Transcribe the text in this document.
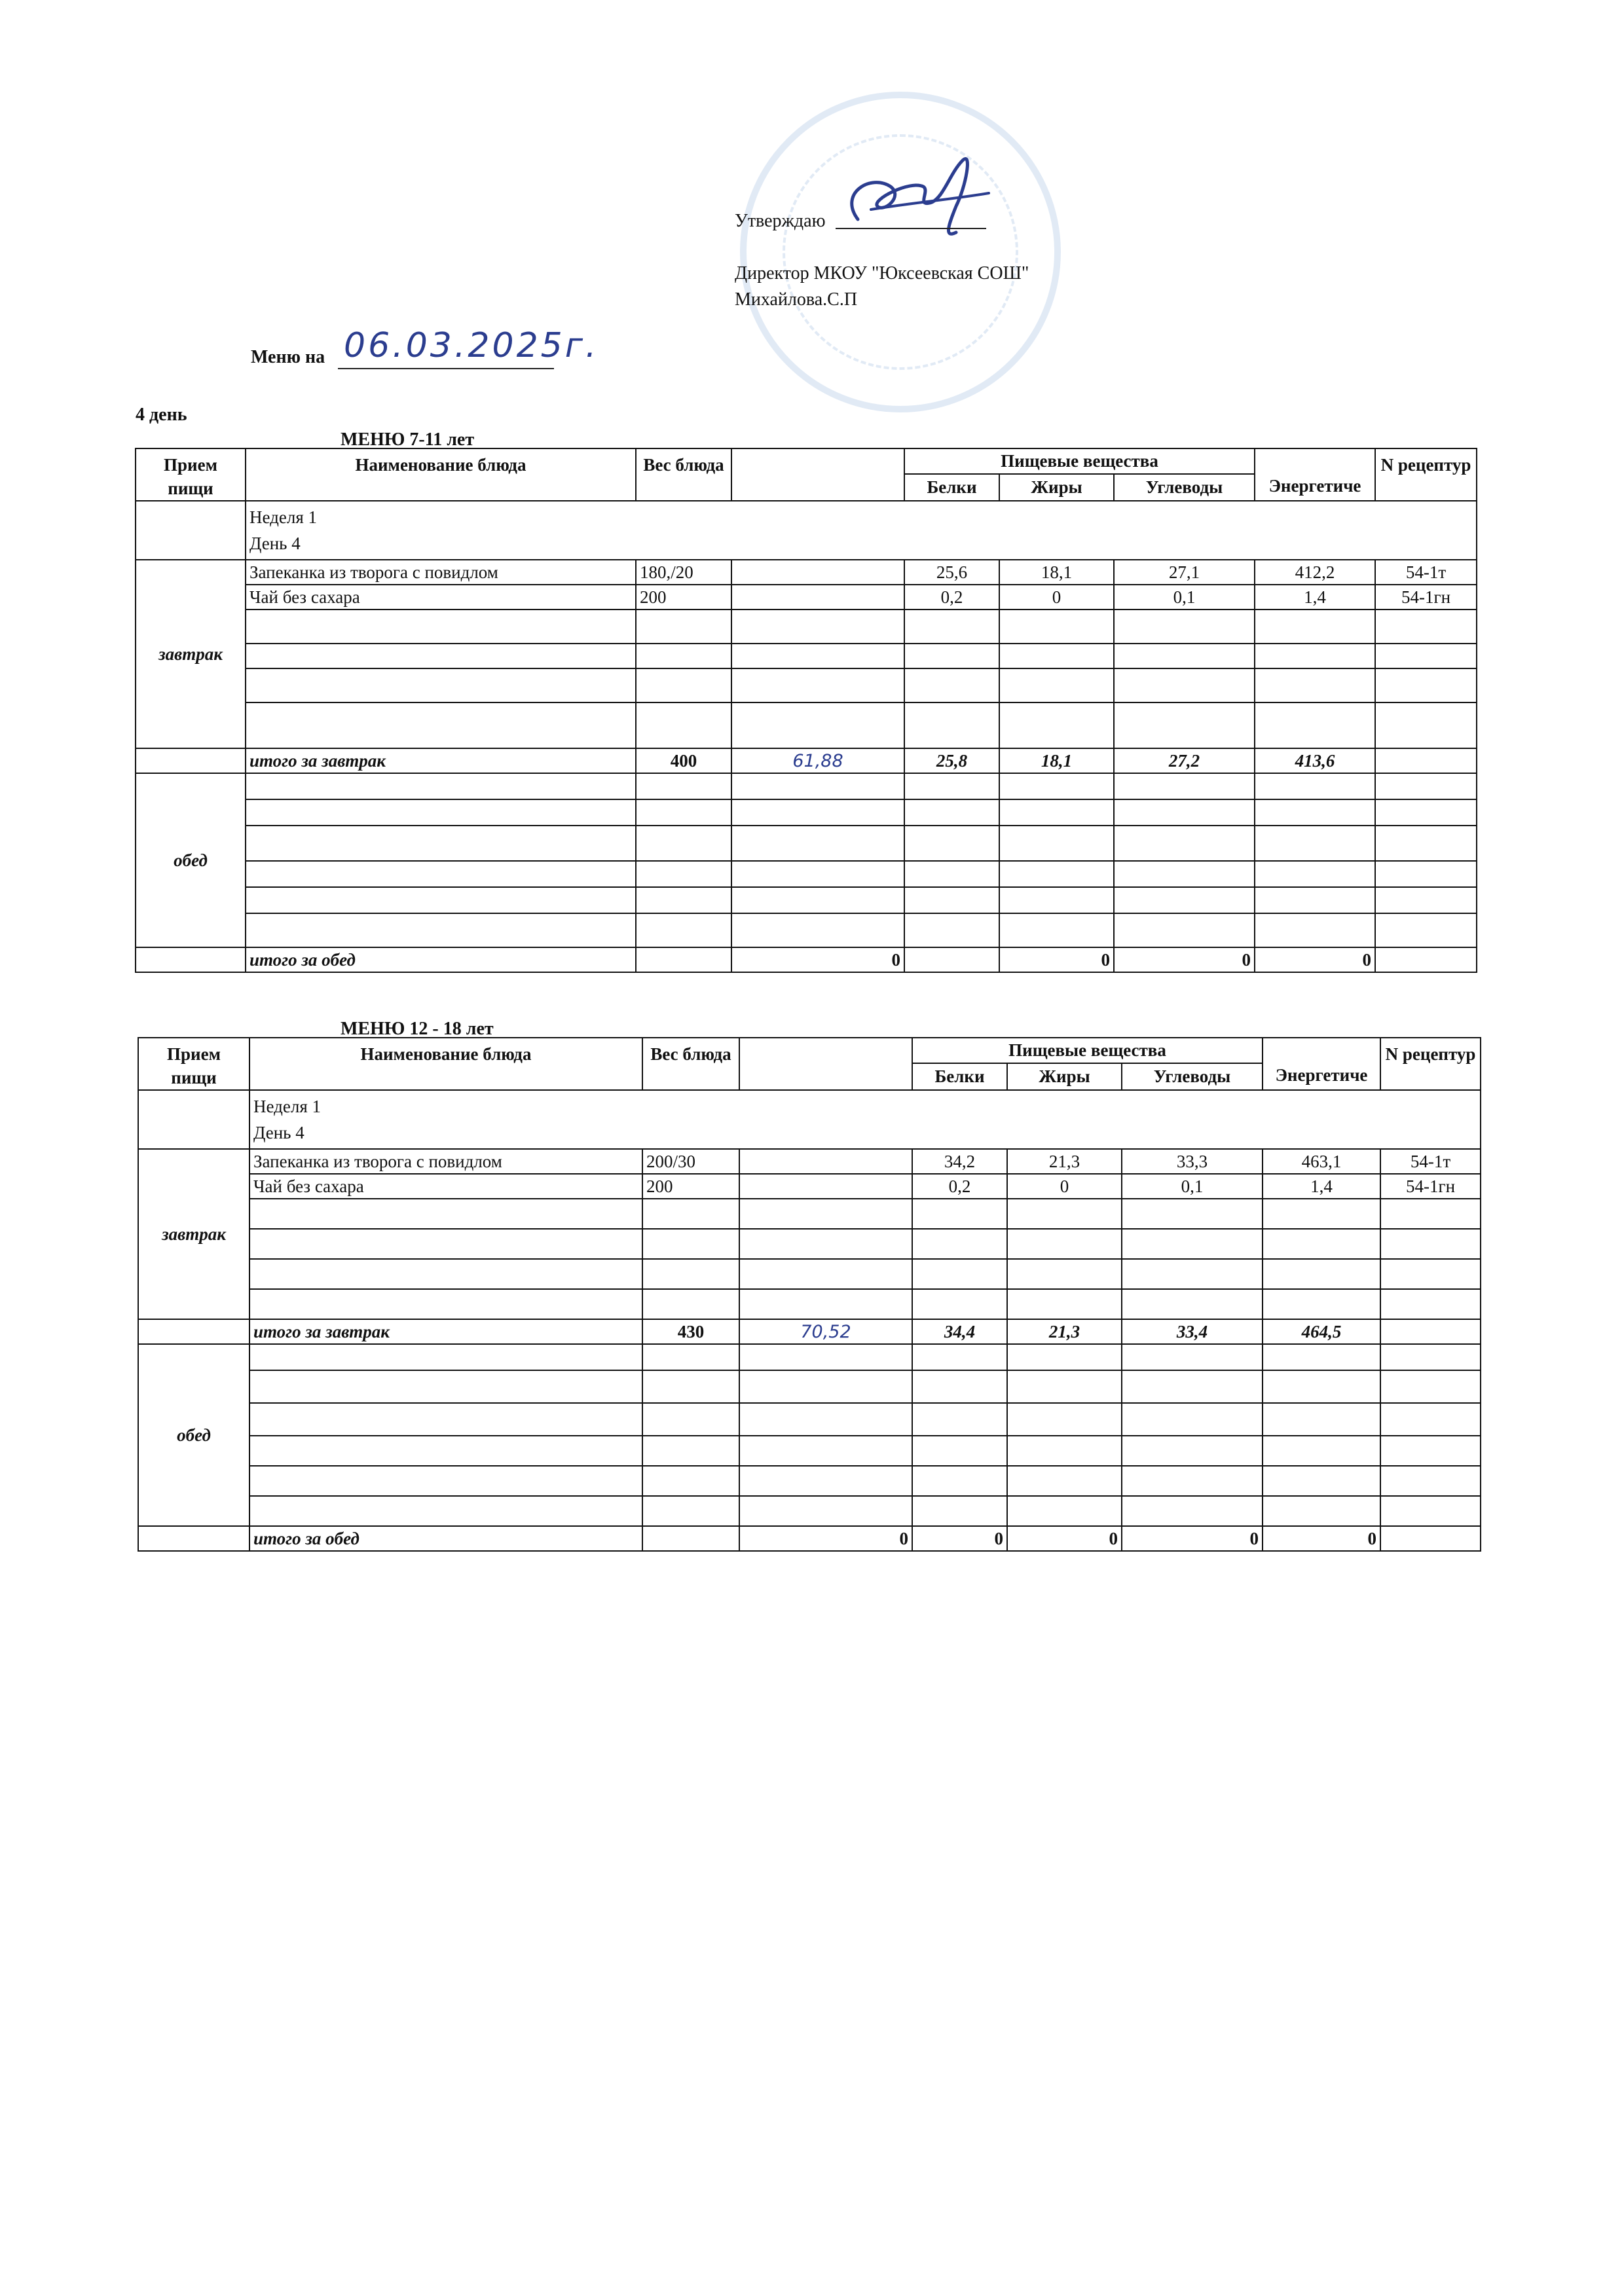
Утверждаю
Директор МКОУ "Юксеевская СОШ"
Михайлова.С.П
Меню на 06.03.2025г.
4 день
МЕНЮ 7-11 лет
Прием пищи	Наименование блюда	Вес блюда		Пищевые вещества			Энергетиче	N рецептур
				Белки	Жиры	Углеводы		

	Неделя 1
День 4							

завтрак	Запеканка из творога с повидлом	180,/20		25,6	18,1	27,1	412,2	54-1т
	Чай без сахара	200		0,2	0	0,1	1,4	54-1гн

	итого за завтрак	400	61,88	25,8	18,1	27,2	413,6	
обед								

	итого за обед		0		0	0	0	
МЕНЮ 12 - 18 лет
Прием пищи	Наименование блюда	Вес блюда		Пищевые вещества			Энергетиче	N рецептур
				Белки	Жиры	Углеводы		

	Неделя 1
День 4							

завтрак	Запеканка из творога с повидлом	200/30		34,2	21,3	33,3	463,1	54-1т
	Чай без сахара	200		0,2	0	0,1	1,4	54-1гн

	итого за завтрак	430	70,52	34,4	21,3	33,4	464,5	
обед								

	итого за обед		0	0	0	0	0	
